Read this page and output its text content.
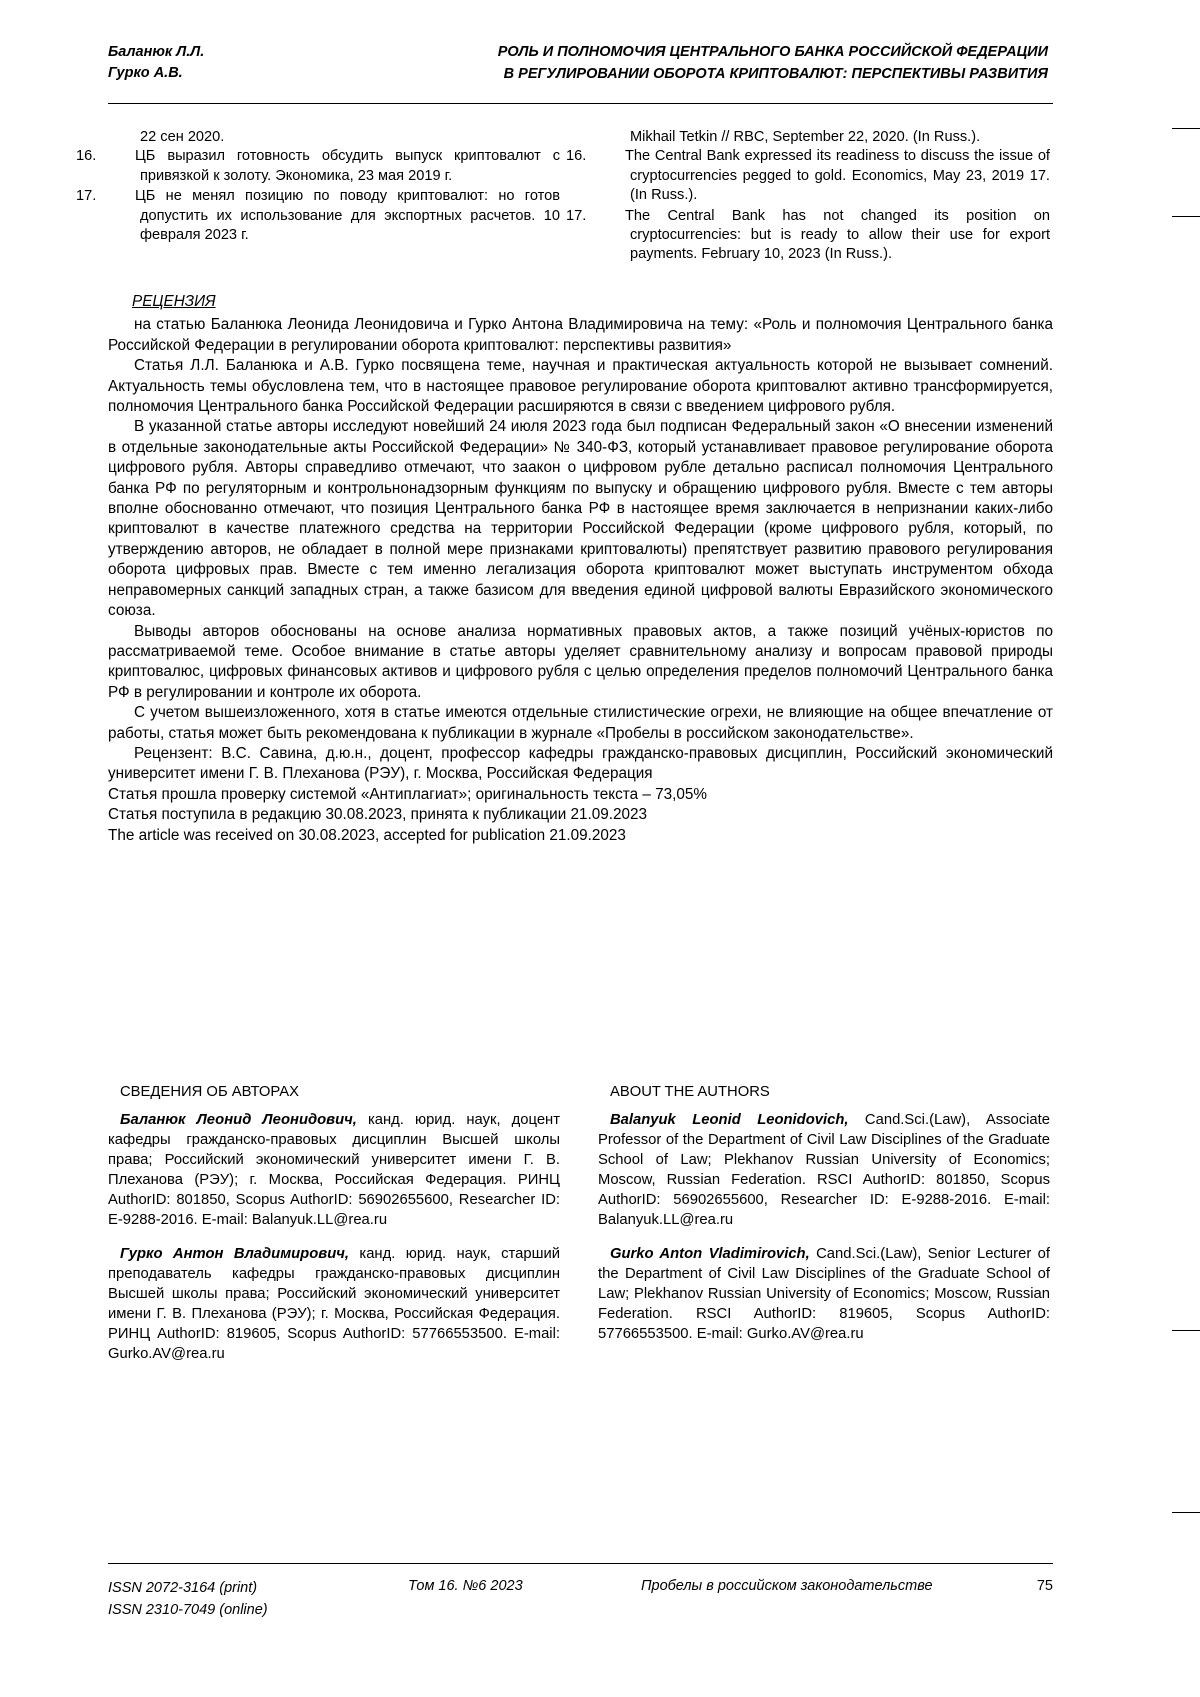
Баланюк Л.Л.
Гурко А.В.
РОЛЬ И ПОЛНОМОЧИЯ ЦЕНТРАЛЬНОГО БАНКА РОССИЙСКОЙ ФЕДЕРАЦИИ
В РЕГУЛИРОВАНИИ ОБОРОТА КРИПТОВАЛЮТ: ПЕРСПЕКТИВЫ РАЗВИТИЯ

22 сен 2020.

16.	ЦБ выразил готовность обсудить выпуск криптовалют с привязкой к золоту. Экономика, 23 мая 2019 г.

17.	ЦБ не менял позицию по поводу криптовалют: но готов допустить их использование для экспортных расчетов. 10 февраля 2023 г.

Mikhail Tetkin // RBC, September 22, 2020. (In Russ.).

16.	The Central Bank expressed its readiness to discuss the issue of cryptocurrencies pegged to gold. Economics, May 23, 2019 17. (In Russ.).

17.	The Central Bank has not changed its position on cryptocurrencies: but is ready to allow their use for export payments. February 10, 2023 (In Russ.).

РЕЦЕНЗИЯ

на статью Баланюка Леонида Леонидовича и Гурко Антона Владимировича на тему: «Роль и полномочия Центрального банка Российской Федерации в регулировании оборота криптовалют: перспективы развития»

Статья Л.Л. Баланюка и А.В. Гурко посвящена теме, научная и практическая актуальность которой не вызывает сомнений. Актуальность темы обусловлена тем, что в настоящее правовое регулирование оборота криптовалют активно трансформируется, полномочия Центрального банка Российской Федерации расширяются в связи с введением цифрового рубля.

В указанной статье авторы исследуют новейший 24 июля 2023 года был подписан Федеральный закон «О внесении изменений в отдельные законодательные акты Российской Федерации» № 340-ФЗ, который устанавливает правовое регулирование оборота цифрового рубля. Авторы справедливо отмечают, что заакон о цифровом рубле детально расписал полномочия Центрального банка РФ по регуляторным и контрольнонадзорным функциям по выпуску и обращению цифрового рубля. Вместе с тем авторы вполне обоснованно отмечают, что позиция Центрального банка РФ в настоящее время заключается в непризнании каких-либо криптовалют в качестве платежного средства на территории Российской Федерации (кроме цифрового рубля, который, по утверждению авторов, не обладает в полной мере признаками криптовалюты) препятствует развитию правового регулирования оборота цифровых прав. Вместе с тем именно легализация оборота криптовалют может выступать инструментом обхода неправомерных санкций западных стран, а также базисом для введения единой цифровой валюты Евразийского экономического союза.

Выводы авторов обоснованы на основе анализа нормативных правовых актов, а также позиций учёных-юристов по рассматриваемой теме. Особое внимание в статье авторы уделяет сравнительному анализу и вопросам правовой природы криптовалюс, цифровых финансовых активов и цифрового рубля с целью определения пределов полномочий Центрального банка РФ в регулировании и контроле их оборота.

С учетом вышеизложенного, хотя в статье имеются отдельные стилистические огрехи, не влияющие на общее впечатление от работы, статья может быть рекомендована к публикации в журнале «Пробелы в российском законодательстве».

Рецензент: В.С. Савина, д.ю.н., доцент, профессор кафедры гражданско-правовых дисциплин, Российский экономический университет имени Г. В. Плеханова (РЭУ), г. Москва, Российская Федерация

Статья прошла проверку системой «Антиплагиат»; оригинальность текста – 73,05%

Статья поступила в редакцию 30.08.2023, принята к публикации 21.09.2023

The article was received on 30.08.2023, accepted for publication 21.09.2023

СВЕДЕНИЯ ОБ АВТОРАХ

Баланюк Леонид Леонидович, канд. юрид. наук, доцент кафедры гражданско-правовых дисциплин Высшей школы права; Российский экономический университет имени Г. В. Плеханова (РЭУ); г. Москва, Российская Федерация. РИНЦ AuthorID: 801850, Scopus AuthorID: 56902655600, Researcher ID: E-9288-2016. E-mail: Balanyuk.LL@rea.ru

Гурко Антон Владимирович, канд. юрид. наук, старший преподаватель кафедры гражданско-правовых дисциплин Высшей школы права; Российский экономический университет имени Г. В. Плеханова (РЭУ); г. Москва, Российская Федерация. РИНЦ AuthorID: 819605, Scopus AuthorID: 57766553500. E-mail: Gurko.AV@rea.ru

ABOUT THE AUTHORS

Balanyuk Leonid Leonidovich, Cand.Sci.(Law), Associate Professor of the Department of Civil Law Disciplines of the Graduate School of Law; Plekhanov Russian University of Economics; Moscow, Russian Federation. RSCI AuthorID: 801850, Scopus AuthorID: 56902655600, Researcher ID: E-9288-2016. E-mail: Balanyuk.LL@rea.ru

Gurko Anton Vladimirovich, Cand.Sci.(Law), Senior Lecturer of the Department of Civil Law Disciplines of the Graduate School of Law; Plekhanov Russian University of Economics; Moscow, Russian Federation. RSCI AuthorID: 819605, Scopus AuthorID: 57766553500. E-mail: Gurko.AV@rea.ru

ISSN 2072-3164 (print)
ISSN 2310-7049 (online)
Том 16. №6 2023	Пробелы в российском законодательстве	75
